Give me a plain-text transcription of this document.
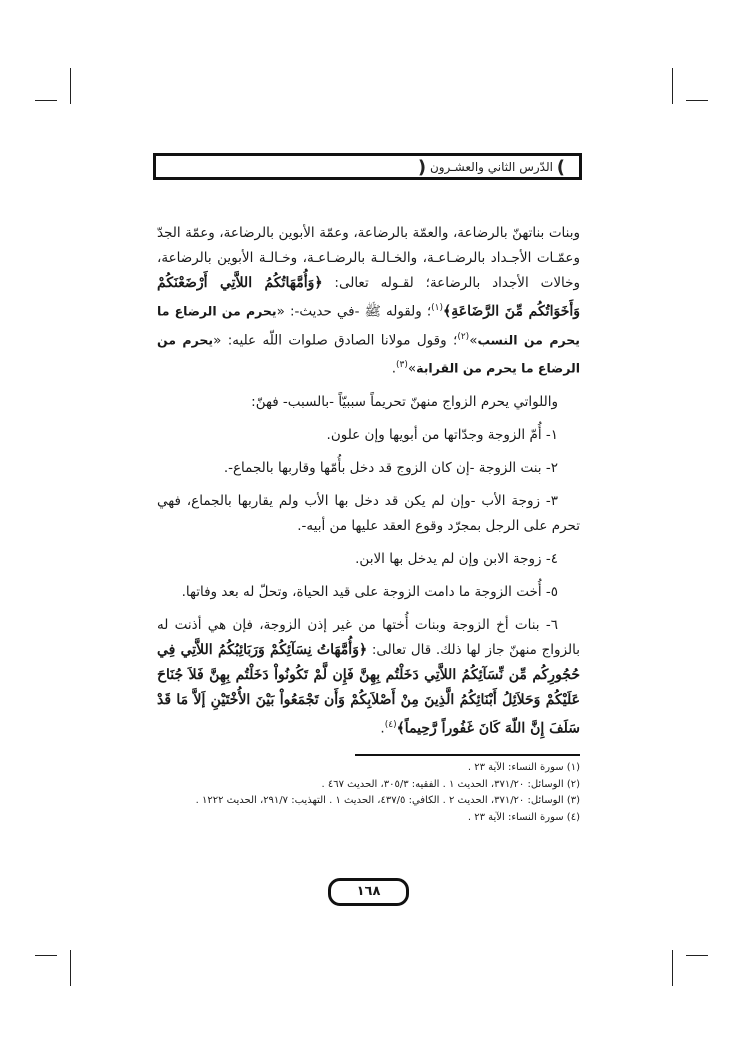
) الدّرس الثاني والعشـرون (

وبنات بناتهنّ بالرضاعة، والعمّة بالرضاعة، وعمّة الأبوين بالرضاعة، وعمّة الجدّ وعمّـات الأجـداد بالرضـاعـة، والخـالـة بالرضـاعـة، وخـالـة الأبوين بالرضاعة، وخالات الأجداد بالرضاعة؛ لقـوله تعالى: ﴿وَأُمَّهَاتُكُمُ اللاَّتِي أَرْضَعْنَكُمْ وَأَخَوَاتُكُم مِّنَ الرَّضَاعَةِ﴾$^{(١)}$؛ ولقوله ﷺ -في حديث-: «يحرم من الرضاع ما يحرم من النسب»$^{(٢)}$؛ وقول مولانا الصادق صلوات اللّه عليه: «يحرم من الرضاع ما يحرم من القرابة»$^{(٣)}$.

واللواتي يحرم الزواج منهنّ تحريماً سببيّاً -بالسبب- فهنّ:

١- أُمّ الزوجة وجدّاتها من أبويها وإن علون.

٢- بنت الزوجة -إن كان الزوج قد دخل بأُمّها وقاربها بالجماع-.

٣- زوجة الأب -وإن لم يكن قد دخل بها الأب ولم يقاربها بالجماع، فهي تحرم على الرجل بمجرّد وقوع العقد عليها من أبيه-.

٤- زوجة الابن وإن لم يدخل بها الابن.

٥- أُخت الزوجة ما دامت الزوجة على قيد الحياة، وتحلّ له بعد وفاتها.

٦- بنات أخ الزوجة وبنات أُختها من غير إذن الزوجة، فإن هي أذنت له بالزواج منهنّ جاز لها ذلك. قال تعالى: ﴿وَأُمَّهَاتُ نِسَآئِكُمْ وَرَبَائِبُكُمُ اللاَّتِي فِي حُجُورِكُم مِّن نِّسَآئِكُمُ اللاَّتِي دَخَلْتُم بِهِنَّ فَإِن لَّمْ تَكُونُواْ دَخَلْتُم بِهِنَّ فَلاَ جُنَاحَ عَلَيْكُمْ وَحَلاَئِلُ أَبْنَائِكُمُ الَّذِينَ مِنْ أَصْلاَبِكُمْ وَأَن تَجْمَعُواْ بَيْنَ الأُخْتَيْنِ إَلاَّ مَا قَدْ سَلَفَ إِنَّ اللّهَ كَانَ غَفُوراً رَّحِيماً﴾$^{(٤)}$.

(١) سورة النساء: الآية ٢٣ .
(٢) الوسائل: ٣٧١/٢٠، الحديث ١ . الفقيه: ٣٠٥/٣، الحديث ٤٦٧ .
(٣) الوسائل: ٣٧١/٢٠، الحديث ٢ . الكافي: ٤٣٧/٥، الحديث ١ . التهذيب: ٢٩١/٧، الحديث ١٢٢٢ .
(٤) سورة النساء: الآية ٢٣ .
١٦٨
